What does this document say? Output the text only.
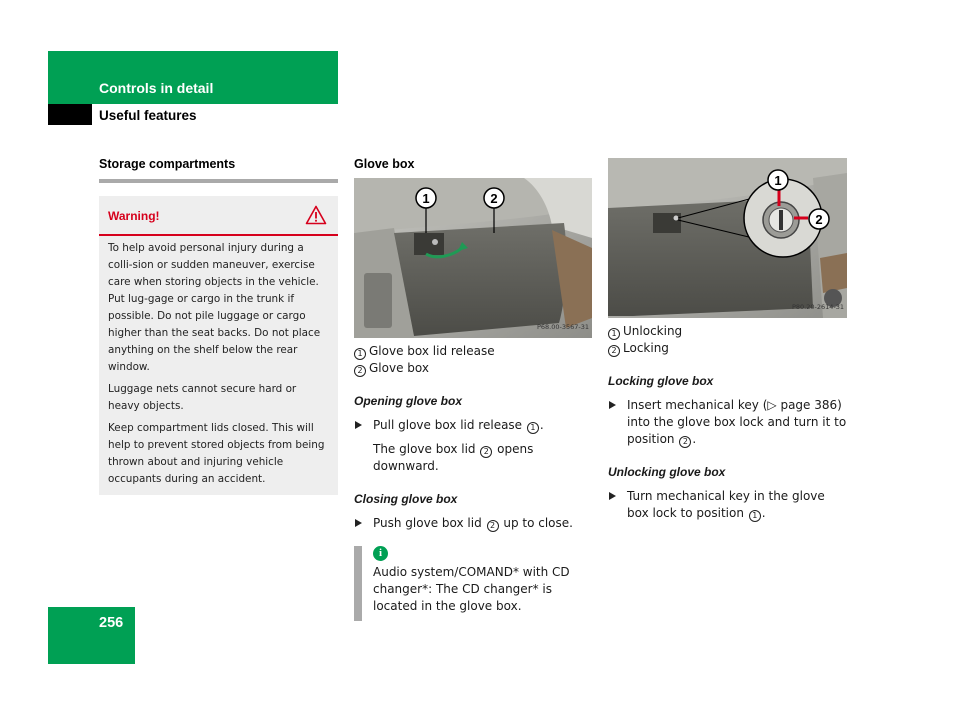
Controls in detail
Useful features
Storage compartments
Warning!

To help avoid personal injury during a colli-sion or sudden maneuver, exercise care when storing objects in the vehicle. Put lug-gage or cargo in the trunk if possible. Do not pile luggage or cargo higher than the seat backs. Do not place anything on the shelf below the rear window.

Luggage nets cannot secure hard or heavy objects.

Keep compartment lids closed. This will help to prevent stored objects from being thrown about and injuring vehicle occupants during an accident.

Glove box
1	2
P68.00-3567-31
1 Glove box lid release
2 Glove box
Opening glove box
Pull glove box lid release 1 .
The glove box lid 2 opens downward.
Closing glove box
Push glove box lid 2 up to close.
i
Audio system/COMAND* with CD changer*: The CD changer* is located in the glove box.
1
2
P80.20-2614-31
1 Unlocking
2 Locking
Locking glove box
Insert mechanical key (▷ page 386) into the glove box lock and turn it to position 2 .
Unlocking glove box
Turn mechanical key in the glove box lock to position 1 .
256
